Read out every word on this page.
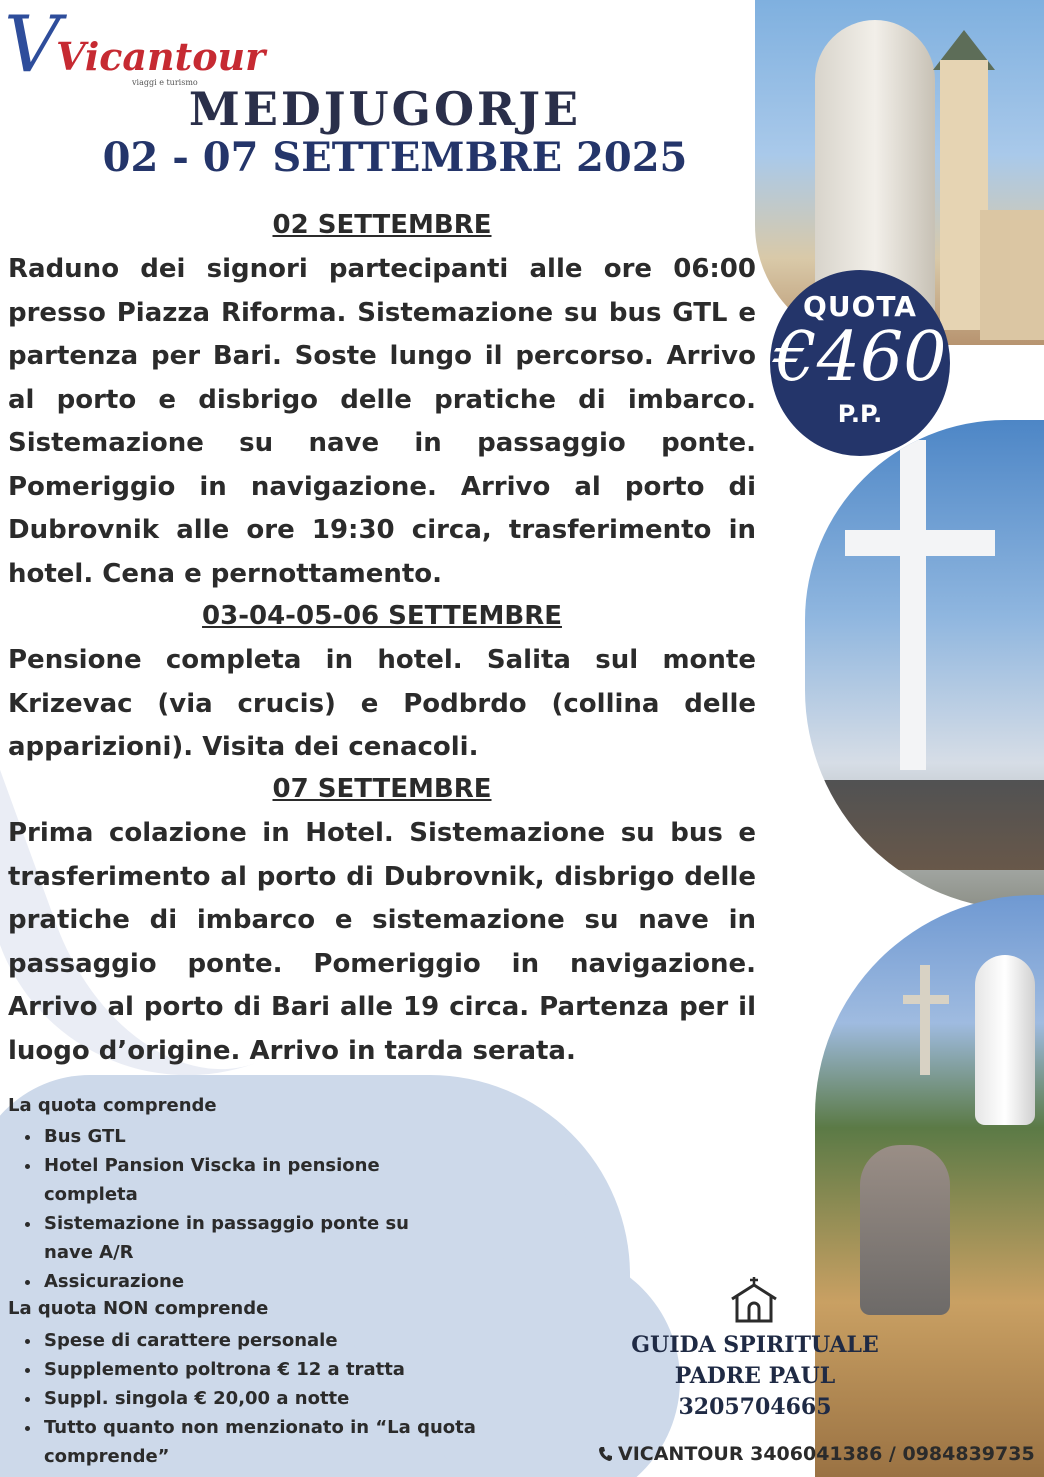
V
Vicantour
viaggi e turismo
MEDJUGORJE
02 - 07 SETTEMBRE 2025
QUOTA
€460
P.P.
02 SETTEMBRE
Raduno dei signori partecipanti alle ore 06:00 presso Piazza Riforma. Sistemazione su bus GTL e partenza per Bari. Soste lungo il percorso. Arrivo al porto e disbrigo delle pratiche di imbarco. Sistemazione su nave in passaggio ponte. Pomeriggio in navigazione. Arrivo al porto di Dubrovnik alle ore 19:30 circa, trasferimento in hotel. Cena e pernottamento.
03-04-05-06 SETTEMBRE
Pensione completa in hotel. Salita sul monte Krizevac (via crucis) e Podbrdo (collina delle apparizioni). Visita dei cenacoli.
07 SETTEMBRE
Prima colazione in Hotel. Sistemazione su bus e trasferimento al porto di Dubrovnik, disbrigo delle pratiche di imbarco e sistemazione su nave in passaggio ponte. Pomeriggio in navigazione. Arrivo al porto di Bari alle 19 circa. Partenza per il luogo d’origine. Arrivo in tarda serata.
La quota comprende
• Bus GTL
• Hotel Pansion Viscka in pensione completa
• Sistemazione in passaggio ponte su nave A/R
• Assicurazione
La quota NON comprende
• Spese di carattere personale
• Supplemento poltrona € 12 a tratta
• Suppl. singola € 20,00 a notte
• Tutto quanto non menzionato in “La quota comprende”
GUIDA SPIRITUALE
PADRE PAUL
3205704665
VICANTOUR 3406041386 / 0984839735
